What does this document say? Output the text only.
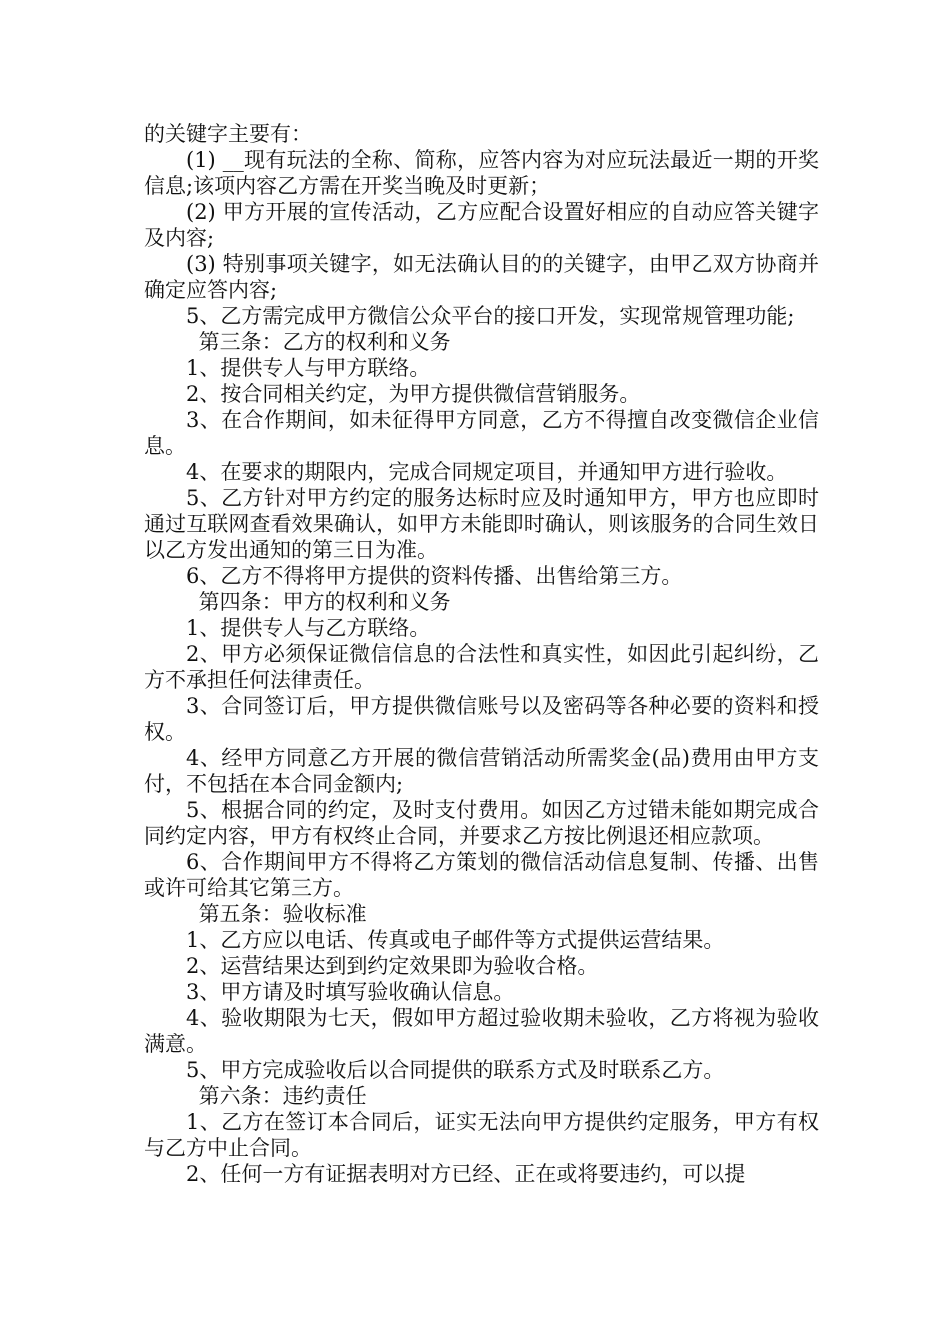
的关键字主要有：

(1) __现有玩法的全称、简称，应答内容为对应玩法最近一期的开奖信息;该项内容乙方需在开奖当晚及时更新；

(2) 甲方开展的宣传活动，乙方应配合设置好相应的自动应答关键字及内容;

(3) 特别事项关键字，如无法确认目的的关键字，由甲乙双方协商并确定应答内容;

5、乙方需完成甲方微信公众平台的接口开发，实现常规管理功能;

第三条：乙方的权利和义务

1、提供专人与甲方联络。

2、按合同相关约定，为甲方提供微信营销服务。

3、在合作期间，如未征得甲方同意，乙方不得擅自改变微信企业信息。

4、在要求的期限内，完成合同规定项目，并通知甲方进行验收。

5、乙方针对甲方约定的服务达标时应及时通知甲方，甲方也应即时通过互联网查看效果确认，如甲方未能即时确认，则该服务的合同生效日以乙方发出通知的第三日为准。

6、乙方不得将甲方提供的资料传播、出售给第三方。

第四条：甲方的权利和义务

1、提供专人与乙方联络。

2、甲方必须保证微信信息的合法性和真实性，如因此引起纠纷，乙方不承担任何法律责任。

3、合同签订后，甲方提供微信账号以及密码等各种必要的资料和授权。

4、经甲方同意乙方开展的微信营销活动所需奖金(品)费用由甲方支付，不包括在本合同金额内;

5、根据合同的约定，及时支付费用。如因乙方过错未能如期完成合同约定内容，甲方有权终止合同，并要求乙方按比例退还相应款项。

6、合作期间甲方不得将乙方策划的微信活动信息复制、传播、出售或许可给其它第三方。

第五条：验收标准

1、乙方应以电话、传真或电子邮件等方式提供运营结果。

2、运营结果达到到约定效果即为验收合格。

3、甲方请及时填写验收确认信息。

4、验收期限为七天，假如甲方超过验收期未验收，乙方将视为验收满意。

5、甲方完成验收后以合同提供的联系方式及时联系乙方。

第六条：违约责任

1、乙方在签订本合同后，证实无法向甲方提供约定服务，甲方有权与乙方中止合同。

2、任何一方有证据表明对方已经、正在或将要违约，可以提
